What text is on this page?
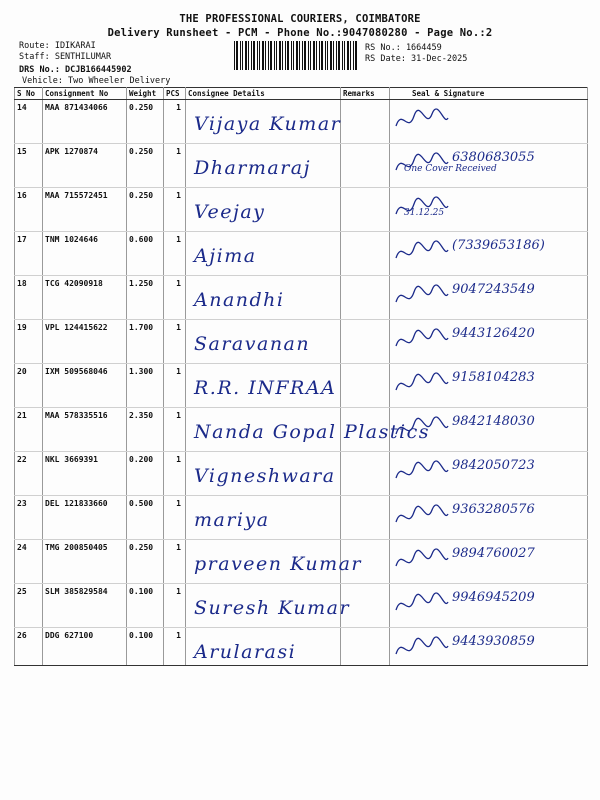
THE PROFESSIONAL COURIERS, COIMBATORE
Delivery Runsheet - PCM - Phone No.:9047080280 - Page No.:2
Route: IDIKARAI
Staff: SENTHILUMAR
DRS No.: DCJB166445902
Vehicle: Two Wheeler Delivery
RS No.: 1664459
RS Date: 31-Dec-2025
S No	Consignment No	Weight	PCS	Consignee Details	Remarks	Seal & Signature
14	MAA 871434066	0.250	1	Vijaya Kumar

15	APK 1270874	0.250	1	Dharmaraj		6380683055
One Cover Received

16	MAA 715572451	0.250	1	Veejay		31.12.25

17	TNM 1024646	0.600	1	Ajima		(7339653186)

18	TCG 42090918	1.250	1	Anandhi		9047243549

19	VPL 124415622	1.700	1	Saravanan		9443126420

20	IXM 509568046	1.300	1	R.R. INFRAA		9158104283

21	MAA 578335516	2.350	1	Nanda Gopal Plastics		9842148030

22	NKL 3669391	0.200	1	Vigneshwara		9842050723

23	DEL 121833660	0.500	1	mariya		9363280576

24	TMG 200850405	0.250	1	praveen Kumar		9894760027

25	SLM 385829584	0.100	1	Suresh Kumar		9946945209

26	DDG 627100	0.100	1	Arularasi		9443930859
